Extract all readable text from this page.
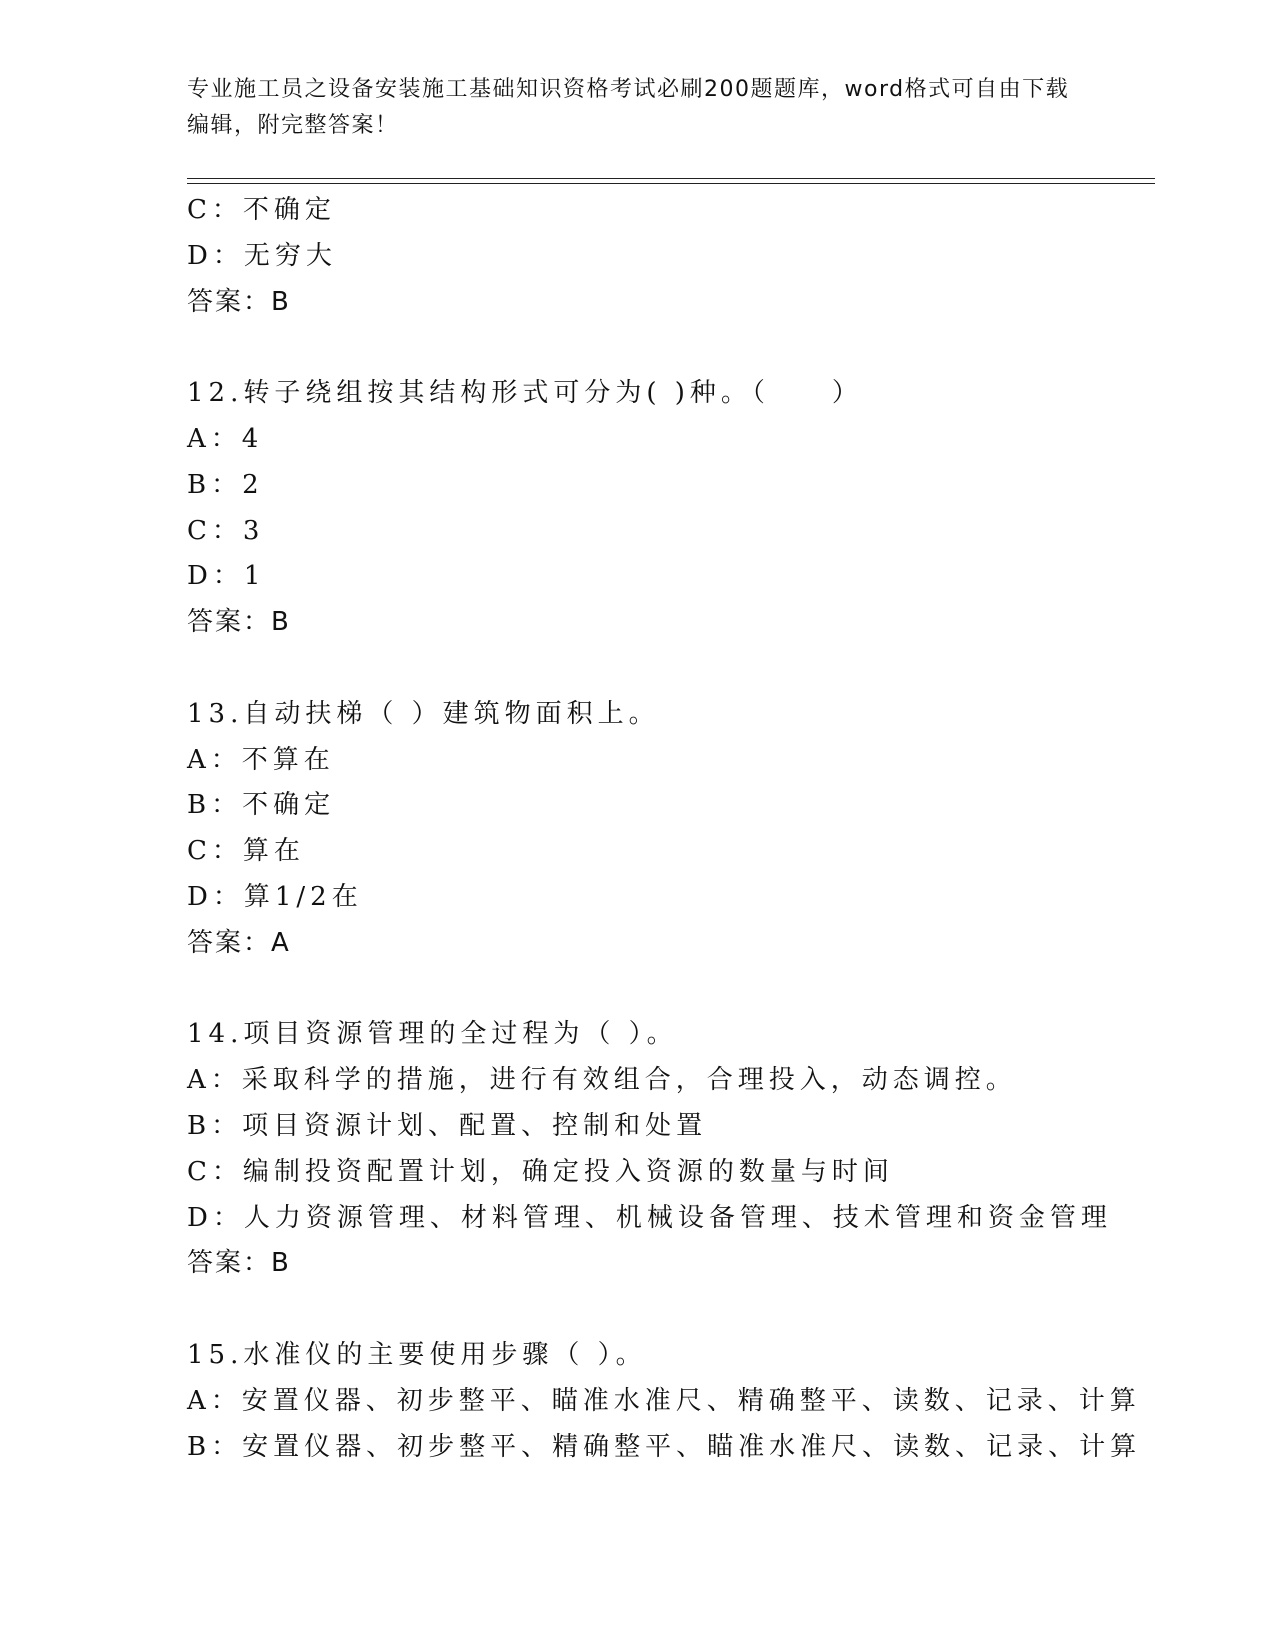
专业施工员之设备安装施工基础知识资格考试必刷200题题库，word格式可自由下载编辑，附完整答案！
C：不确定
D：无穷大
答案：B
12.转子绕组按其结构形式可分为( )种。（　　）
A：4
B：2
C：3
D：1
答案：B
13.自动扶梯（ ）建筑物面积上。
A：不算在
B：不确定
C：算在
D：算1/2在
答案：A
14.项目资源管理的全过程为（ ）。
A：采取科学的措施，进行有效组合，合理投入，动态调控。
B：项目资源计划、配置、控制和处置
C：编制投资配置计划，确定投入资源的数量与时间
D：人力资源管理、材料管理、机械设备管理、技术管理和资金管理
答案：B
15.水准仪的主要使用步骤（ ）。
A：安置仪器、初步整平、瞄准水准尺、精确整平、读数、记录、计算
B：安置仪器、初步整平、精确整平、瞄准水准尺、读数、记录、计算
